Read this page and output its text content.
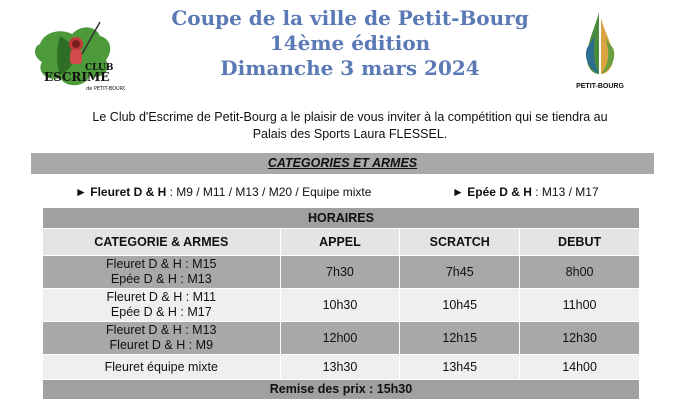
CLUB
ESCRIME
de PETIT-BOURG
Coupe de la ville de Petit-Bourg
14ème édition
Dimanche 3 mars 2024
PETIT-BOURG
Le Club d'Escrime de Petit-Bourg a le plaisir de vous inviter à la compétition qui se tiendra au
Palais des Sports Laura FLESSEL.
CATEGORIES ET ARMES
► Fleuret D & H : M9 / M11 / M13 / M20 / Equipe mixte	► Epée D & H : M13 / M17
HORAIRES			
CATEGORIE & ARMES	APPEL	SCRATCH	DEBUT

Fleuret D & H : M15
Epée D & H : M13	7h30	7h45	8h00

Fleuret D & H : M11
Epée D & H : M17	10h30	10h45	11h00

Fleuret D & H : M13
Fleuret D & H : M9	12h00	12h15	12h30

Fleuret équipe mixte	13h30	13h45	14h00
Remise des prix : 15h30			
